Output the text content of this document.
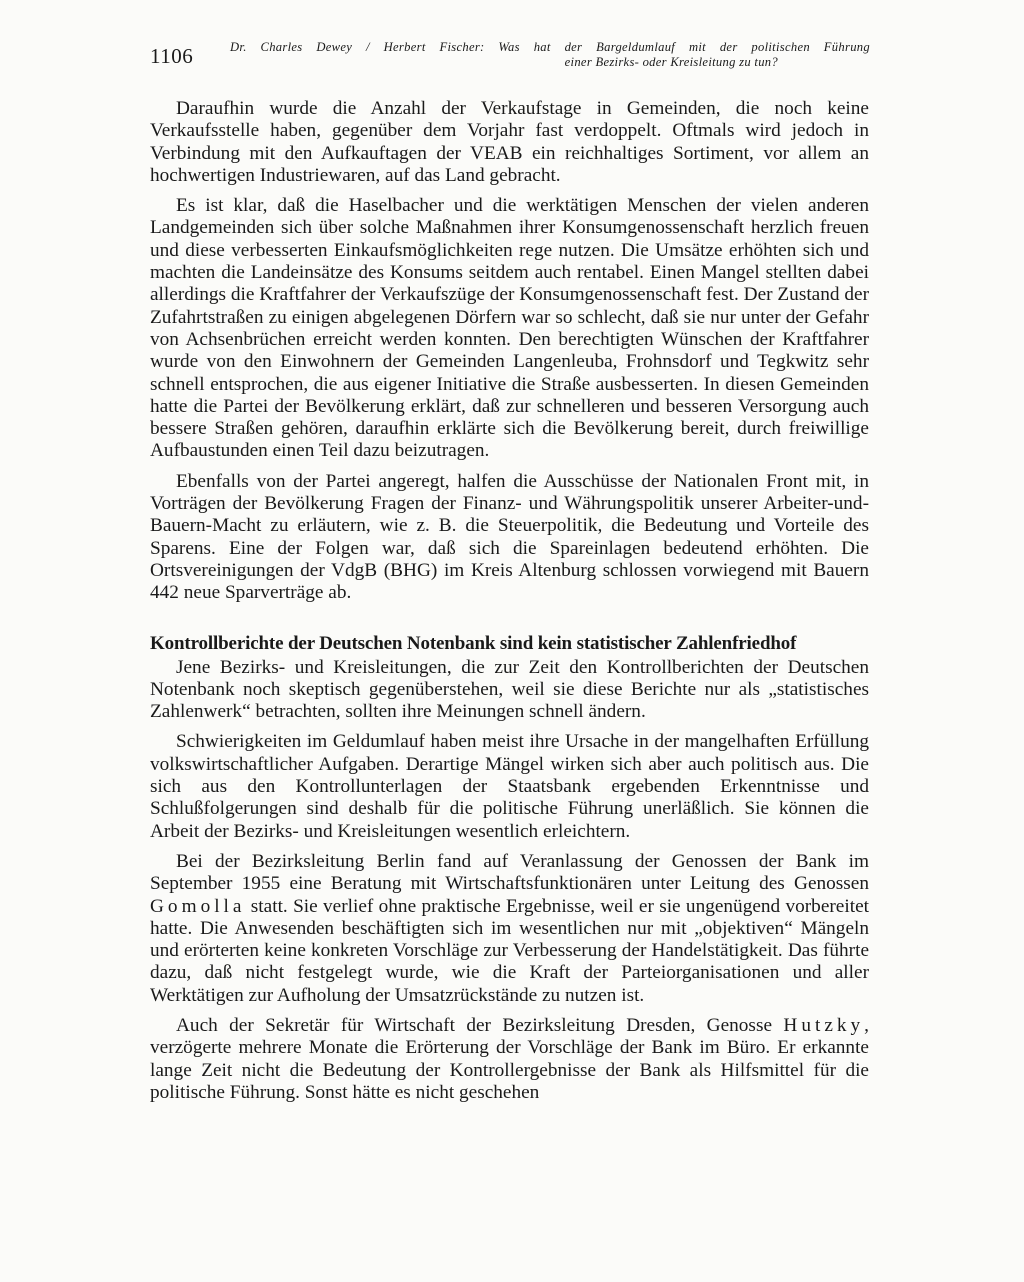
1106	Dr. Charles Dewey / Herbert Fischer: Was hat der Bargeldumlauf mit der politischen Führung
einer Bezirks- oder Kreisleitung zu tun?

Daraufhin wurde die Anzahl der Verkaufstage in Gemeinden, die noch keine Verkaufsstelle haben, gegenüber dem Vorjahr fast verdoppelt. Oftmals wird jedoch in Verbindung mit den Aufkauftagen der VEAB ein reichhaltiges Sortiment, vor allem an hochwertigen Industriewaren, auf das Land gebracht.

Es ist klar, daß die Haselbacher und die werktätigen Menschen der vielen anderen Landgemeinden sich über solche Maßnahmen ihrer Konsumgenossenschaft herzlich freuen und diese verbesserten Einkaufsmöglichkeiten rege nutzen. Die Umsätze erhöhten sich und machten die Landeinsätze des Konsums seitdem auch rentabel. Einen Mangel stellten dabei allerdings die Kraftfahrer der Verkaufszüge der Konsumgenossenschaft fest. Der Zustand der Zufahrtstraßen zu einigen abgelegenen Dörfern war so schlecht, daß sie nur unter der Gefahr von Achsenbrüchen erreicht werden konnten. Den berechtigten Wünschen der Kraftfahrer wurde von den Einwohnern der Gemeinden Langenleuba, Frohnsdorf und Tegkwitz sehr schnell entsprochen, die aus eigener Initiative die Straße ausbesserten. In diesen Gemeinden hatte die Partei der Bevölkerung erklärt, daß zur schnelleren und besseren Versorgung auch bessere Straßen gehören, daraufhin erklärte sich die Bevölkerung bereit, durch freiwillige Aufbaustunden einen Teil dazu beizutragen.

Ebenfalls von der Partei angeregt, halfen die Ausschüsse der Nationalen Front mit, in Vorträgen der Bevölkerung Fragen der Finanz- und Währungspolitik unserer Arbeiter-und-Bauern-Macht zu erläutern, wie z. B. die Steuerpolitik, die Bedeutung und Vorteile des Sparens. Eine der Folgen war, daß sich die Spareinlagen bedeutend erhöhten. Die Ortsvereinigungen der VdgB (BHG) im Kreis Altenburg schlossen vorwiegend mit Bauern 442 neue Sparverträge ab.

Kontrollberichte der Deutschen Notenbank sind kein statistischer Zahlenfriedhof

Jene Bezirks- und Kreisleitungen, die zur Zeit den Kontrollberichten der Deutschen Notenbank noch skeptisch gegenüberstehen, weil sie diese Berichte nur als „statistisches Zahlenwerk“ betrachten, sollten ihre Meinungen schnell ändern.

Schwierigkeiten im Geldumlauf haben meist ihre Ursache in der mangelhaften Erfüllung volkswirtschaftlicher Aufgaben. Derartige Mängel wirken sich aber auch politisch aus. Die sich aus den Kontrollunterlagen der Staatsbank ergebenden Erkenntnisse und Schlußfolgerungen sind deshalb für die politische Führung unerläßlich. Sie können die Arbeit der Bezirks- und Kreisleitungen wesentlich erleichtern.

Bei der Bezirksleitung Berlin fand auf Veranlassung der Genossen der Bank im September 1955 eine Beratung mit Wirtschaftsfunktionären unter Leitung des Genossen Gomolla statt. Sie verlief ohne praktische Ergebnisse, weil er sie ungenügend vorbereitet hatte. Die Anwesenden beschäftigten sich im wesentlichen nur mit „objektiven“ Mängeln und erörterten keine konkreten Vorschläge zur Verbesserung der Handelstätigkeit. Das führte dazu, daß nicht festgelegt wurde, wie die Kraft der Parteiorganisationen und aller Werktätigen zur Aufholung der Umsatzrückstände zu nutzen ist.

Auch der Sekretär für Wirtschaft der Bezirksleitung Dresden, Genosse Hutzky, verzögerte mehrere Monate die Erörterung der Vorschläge der Bank im Büro. Er erkannte lange Zeit nicht die Bedeutung der Kontrollergebnisse der Bank als Hilfsmittel für die politische Führung. Sonst hätte es nicht geschehen
